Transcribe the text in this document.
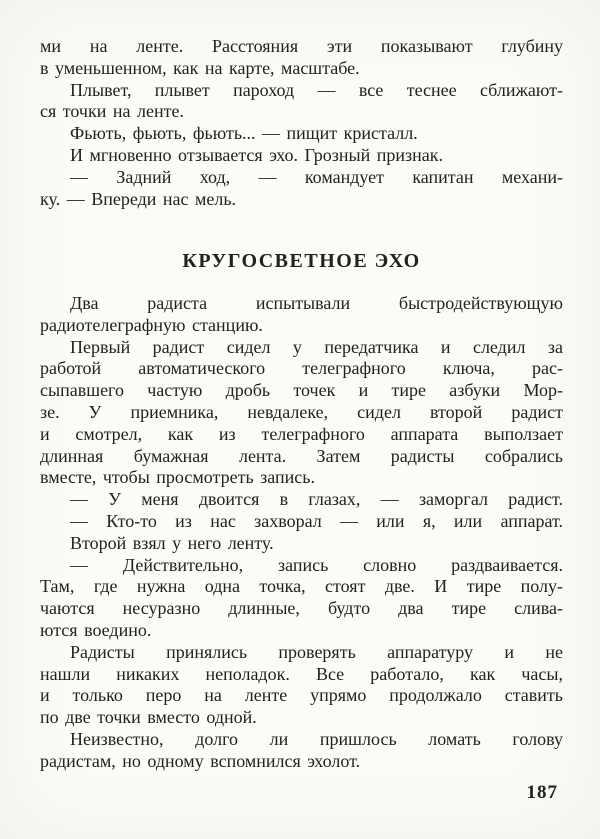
ми на ленте. Расстояния эти показывают глубину
в уменьшенном, как на карте, масштабе.
Плывет, плывет пароход — все теснее сближают-
ся точки на ленте.
Фьють, фьють, фьють... — пищит кристалл.
И мгновенно отзывается эхо. Грозный признак.
— Задний ход, — командует капитан механи-
ку. — Впереди нас мель.
КРУГОСВЕТНОЕ ЭХО
Два радиста испытывали быстродействующую
радиотелеграфную станцию.
Первый радист сидел у передатчика и следил за
работой автоматического телеграфного ключа, рас-
сыпавшего частую дробь точек и тире азбуки Мор-
зе. У приемника, невдалеке, сидел второй радист
и смотрел, как из телеграфного аппарата выползает
длинная бумажная лента. Затем радисты собрались
вместе, чтобы просмотреть запись.
— У меня двоится в глазах, — заморгал радист.
— Кто-то из нас захворал — или я, или аппарат.
Второй взял у него ленту.
— Действительно, запись словно раздваивается.
Там, где нужна одна точка, стоят две. И тире полу-
чаются несуразно длинные, будто два тире слива-
ются воедино.
Радисты принялись проверять аппаратуру и не
нашли никаких неполадок. Все работало, как часы,
и только перо на ленте упрямо продолжало ставить
по две точки вместо одной.
Неизвестно, долго ли пришлось ломать голову
радистам, но одному вспомнился эхолот.
187
